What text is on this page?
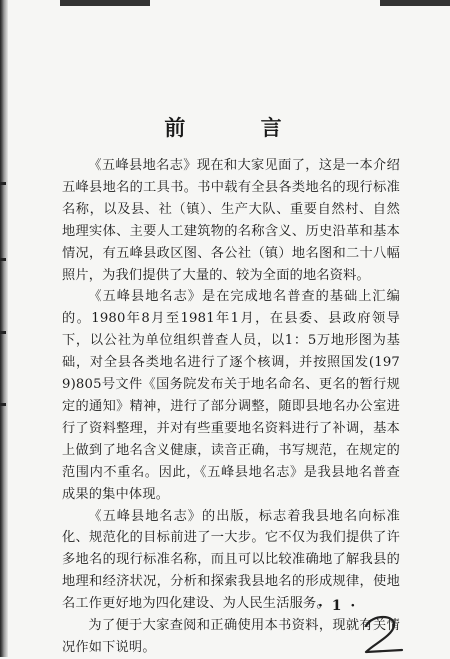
前 言

《五峰县地名志》现在和大家见面了，这是一本介绍五峰县地名的工具书。书中载有全县各类地名的现行标准名称，以及县、社（镇）、生产大队、重要自然村、自然地理实体、主要人工建筑物的名称含义、历史沿革和基本情况，有五峰县政区图、各公社（镇）地名图和二十八幅照片，为我们提供了大量的、较为全面的地名资料。

《五峰县地名志》是在完成地名普查的基础上汇编的。1980年8月至1981年1月，在县委、县政府领导下，以公社为单位组织普查人员，以1：5万地形图为基础，对全县各类地名进行了逐个核调，并按照国发(1979)805号文件《国务院发布关于地名命名、更名的暂行规定的通知》精神，进行了部分调整，随即县地名办公室进行了资料整理，并对有些重要地名资料进行了补调，基本上做到了地名含义健康，读音正确，书写规范，在规定的范围内不重名。因此，《五峰县地名志》是我县地名普查成果的集中体现。

《五峰县地名志》的出版，标志着我县地名向标准化、规范化的目标前进了一大步。它不仅为我们提供了许多地名的现行标准名称，而且可以比较准确地了解我县的地理和经济状况，分析和探索我县地名的形成规律，使地名工作更好地为四化建设、为人民生活服务。

为了便于大家查阅和正确使用本书资料，现就有关情况作如下说明。

· 1 ·
